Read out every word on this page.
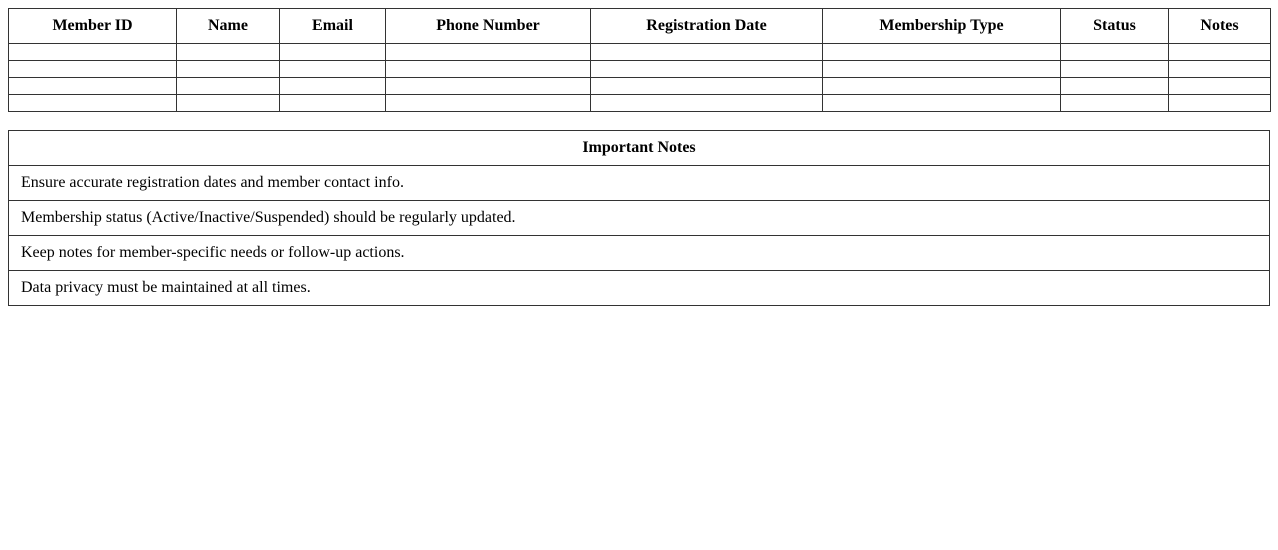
Member ID	Name	Email	Phone Number	Registration Date	Membership Type	Status	Notes

Important Notes
Ensure accurate registration dates and member contact info.
Membership status (Active/Inactive/Suspended) should be regularly updated.
Keep notes for member-specific needs or follow-up actions.
Data privacy must be maintained at all times.
